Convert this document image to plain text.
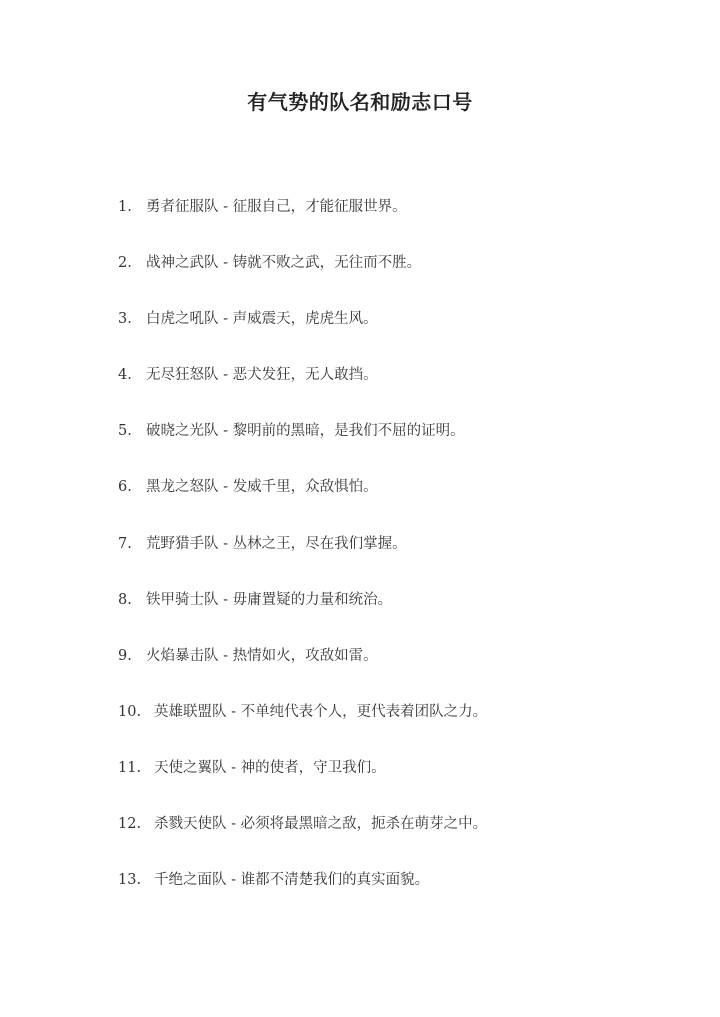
有气势的队名和励志口号
1. 勇者征服队 - 征服自己，才能征服世界。
2. 战神之武队 - 铸就不败之武，无往而不胜。
3. 白虎之吼队 - 声威震天，虎虎生风。
4. 无尽狂怒队 - 恶犬发狂，无人敢挡。
5. 破晓之光队 - 黎明前的黑暗，是我们不屈的证明。
6. 黑龙之怒队 - 发威千里，众敌惧怕。
7. 荒野猎手队 - 丛林之王，尽在我们掌握。
8. 铁甲骑士队 - 毋庸置疑的力量和统治。
9. 火焰暴击队 - 热情如火，攻敌如雷。
10. 英雄联盟队 - 不单纯代表个人，更代表着团队之力。
11. 天使之翼队 - 神的使者，守卫我们。
12. 杀戮天使队 - 必须将最黑暗之敌，扼杀在萌芽之中。
13. 千绝之面队 - 谁都不清楚我们的真实面貌。
